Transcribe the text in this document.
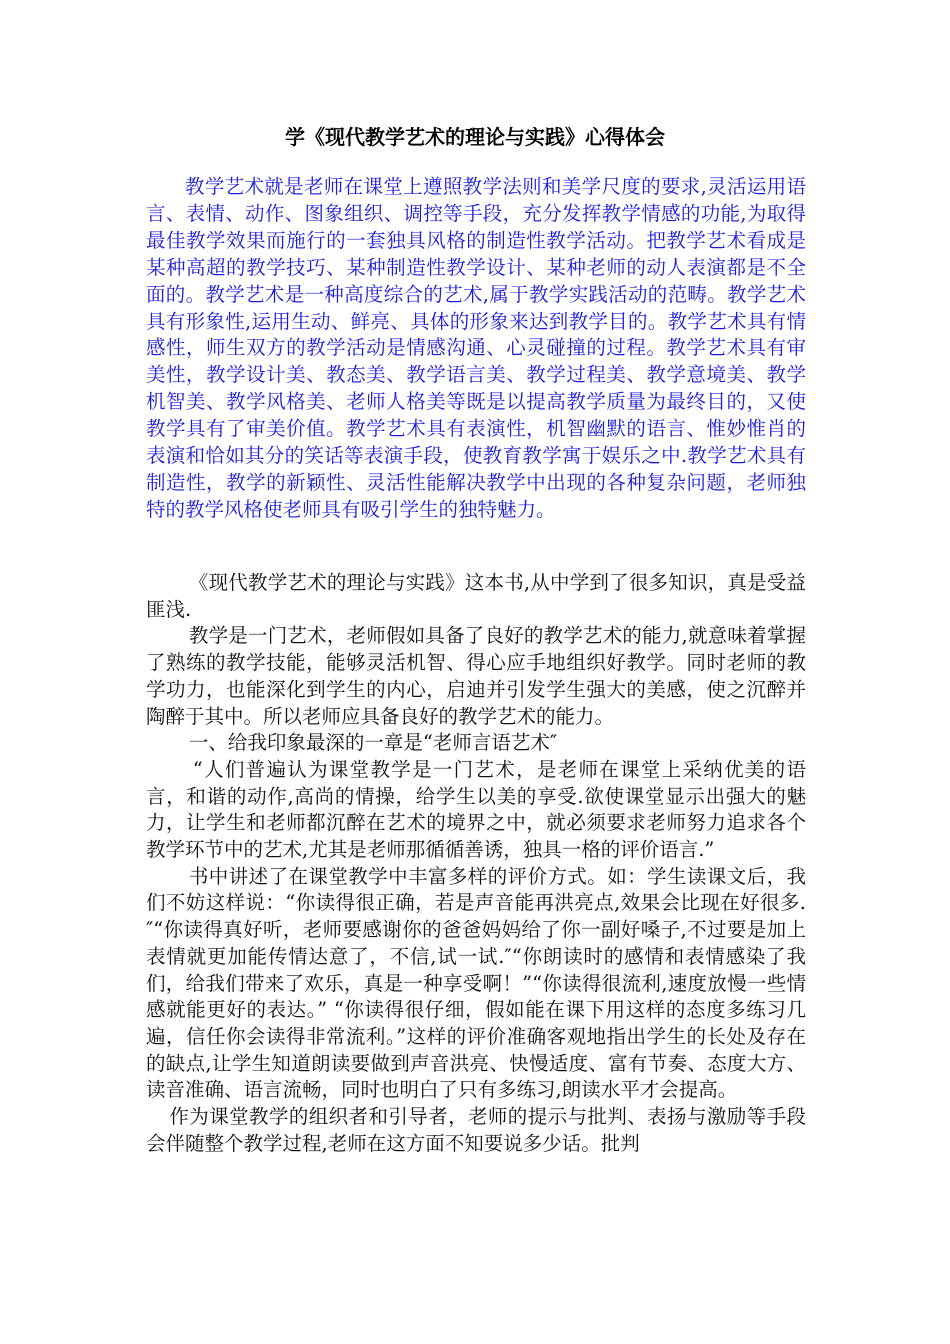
学《现代教学艺术的理论与实践》心得体会

教学艺术就是老师在课堂上遵照教学法则和美学尺度的要求,灵活运用语言、表情、动作、图象组织、调控等手段，充分发挥教学情感的功能,为取得最佳教学效果而施行的一套独具风格的制造性教学活动。把教学艺术看成是某种高超的教学技巧、某种制造性教学设计、某种老师的动人表演都是不全面的。教学艺术是一种高度综合的艺术,属于教学实践活动的范畴。教学艺术具有形象性,运用生动、鲜亮、具体的形象来达到教学目的。教学艺术具有情感性，师生双方的教学活动是情感沟通、心灵碰撞的过程。教学艺术具有审美性，教学设计美、教态美、教学语言美、教学过程美、教学意境美、教学机智美、教学风格美、老师人格美等既是以提高教学质量为最终目的，又使教学具有了审美价值。教学艺术具有表演性，机智幽默的语言、惟妙惟肖的表演和恰如其分的笑话等表演手段，使教育教学寓于娱乐之中.教学艺术具有制造性，教学的新颖性、灵活性能解决教学中出现的各种复杂问题，老师独特的教学风格使老师具有吸引学生的独特魅力。

《现代教学艺术的理论与实践》这本书,从中学到了很多知识，真是受益匪浅.

教学是一门艺术，老师假如具备了良好的教学艺术的能力,就意味着掌握了熟练的教学技能，能够灵活机智、得心应手地组织好教学。同时老师的教学功力，也能深化到学生的内心，启迪并引发学生强大的美感，使之沉醉并陶醉于其中。所以老师应具备良好的教学艺术的能力。

一、给我印象最深的一章是“老师言语艺术″

“人们普遍认为课堂教学是一门艺术，是老师在课堂上采纳优美的语言，和谐的动作,高尚的情操，给学生以美的享受.欲使课堂显示出强大的魅力，让学生和老师都沉醉在艺术的境界之中，就必须要求老师努力追求各个教学环节中的艺术,尤其是老师那循循善诱，独具一格的评价语言.”

书中讲述了在课堂教学中丰富多样的评价方式。如：学生读课文后，我们不妨这样说：“你读得很正确，若是声音能再洪亮点,效果会比现在好很多.″“你读得真好听，老师要感谢你的爸爸妈妈给了你一副好嗓子,不过要是加上表情就更加能传情达意了，不信,试一试.″“你朗读时的感情和表情感染了我们，给我们带来了欢乐，真是一种享受啊！”“你读得很流利,速度放慢一些情感就能更好的表达。” “你读得很仔细，假如能在课下用这样的态度多练习几遍，信任你会读得非常流利。”这样的评价准确客观地指出学生的长处及存在的缺点,让学生知道朗读要做到声音洪亮、快慢适度、富有节奏、态度大方、读音准确、语言流畅，同时也明白了只有多练习,朗读水平才会提高。

作为课堂教学的组织者和引导者，老师的提示与批判、表扬与激励等手段会伴随整个教学过程,老师在这方面不知要说多少话。批判
